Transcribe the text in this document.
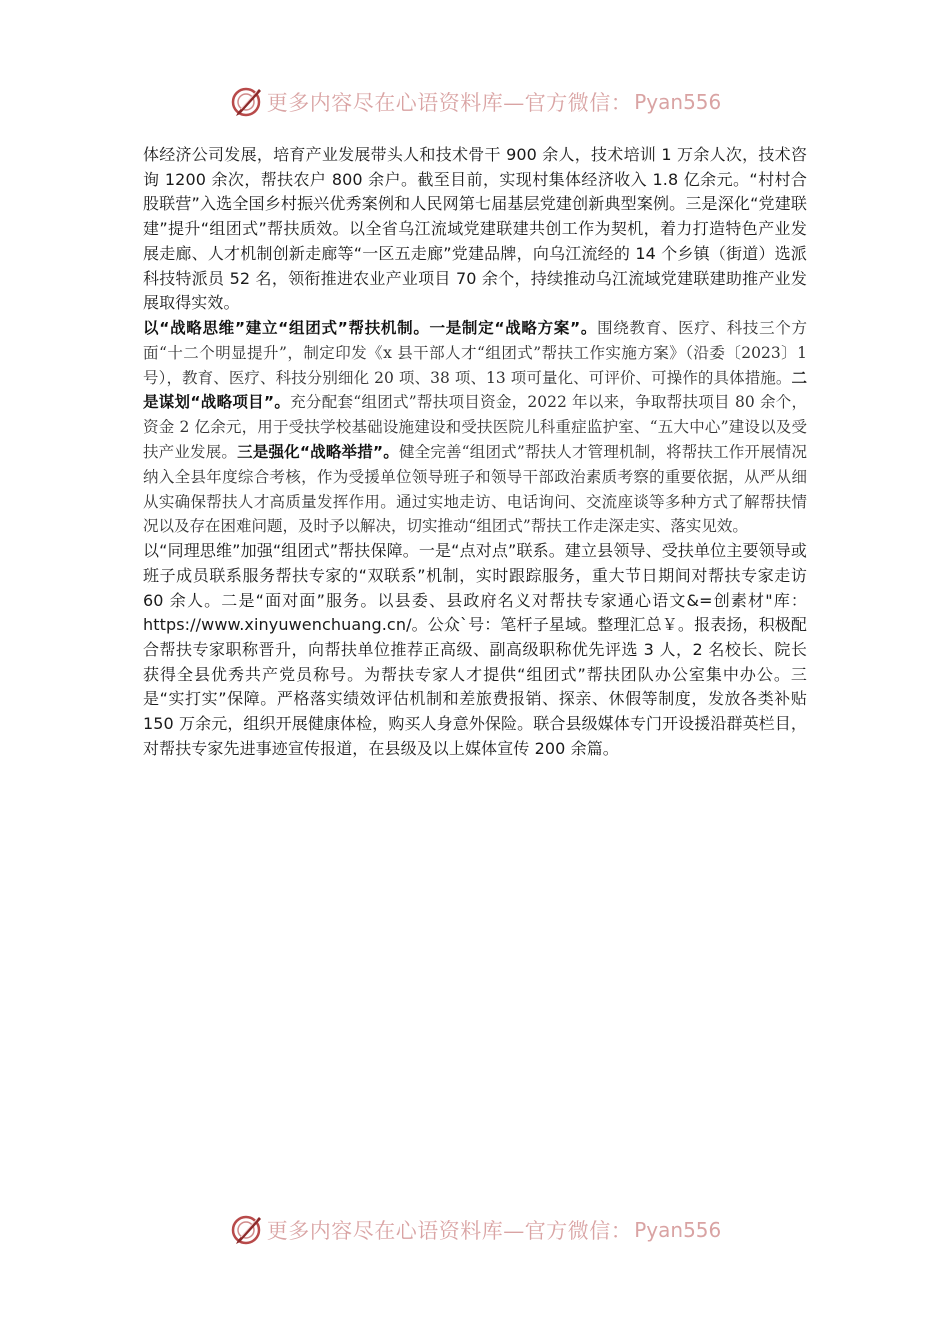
更多内容尽在心语资料库—官方微信： Pyan556

体经济公司发展，培育产业发展带头人和技术骨干 900 余人，技术培训 1 万余人次，技术咨询 1200 余次，帮扶农户 800 余户。截至目前，实现村集体经济收入 1.8 亿余元。“村村合股联营”入选全国乡村振兴优秀案例和人民网第七届基层党建创新典型案例。三是深化“党建联建”提升“组团式”帮扶质效。以全省乌江流域党建联建共创工作为契机，着力打造特色产业发展走廊、人才机制创新走廊等“一区五走廊”党建品牌，向乌江流经的 14 个乡镇（街道）选派科技特派员 52 名，领衔推进农业产业项目 70 余个，持续推动乌江流域党建联建助推产业发展取得实效。

以“战略思维”建立“组团式”帮扶机制。一是制定“战略方案”。围绕教育、医疗、科技三个方面“十二个明显提升”，制定印发《x 县干部人才“组团式”帮扶工作实施方案》（沿委〔2023〕1 号），教育、医疗、科技分别细化 20 项、38 项、13 项可量化、可评价、可操作的具体措施。二是谋划“战略项目”。充分配套“组团式”帮扶项目资金，2022 年以来，争取帮扶项目 80 余个，资金 2 亿余元，用于受扶学校基础设施建设和受扶医院儿科重症监护室、“五大中心”建设以及受扶产业发展。三是强化“战略举措”。健全完善“组团式”帮扶人才管理机制，将帮扶工作开展情况纳入全县年度综合考核，作为受援单位领导班子和领导干部政治素质考察的重要依据，从严从细从实确保帮扶人才高质量发挥作用。通过实地走访、电话询问、交流座谈等多种方式了解帮扶情况以及存在困难问题，及时予以解决，切实推动“组团式”帮扶工作走深走实、落实见效。

以“同理思维”加强“组团式”帮扶保障。一是“点对点”联系。建立县领导、受扶单位主要领导或班子成员联系服务帮扶专家的“双联系”机制，实时跟踪服务，重大节日期间对帮扶专家走访 60 余人。二是“面对面”服务。以县委、县政府名义对帮扶专家通心语文&=创素材"库：https://www.xinyuwenchuang.cn/。公众`号：笔杆子星域。整理汇总￥。报表扬，积极配合帮扶专家职称晋升，向帮扶单位推荐正高级、副高级职称优先评选 3 人，2 名校长、院长获得全县优秀共产党员称号。为帮扶专家人才提供“组团式”帮扶团队办公室集中办公。三是“实打实”保障。严格落实绩效评估机制和差旅费报销、探亲、休假等制度，发放各类补贴 150 万余元，组织开展健康体检，购买人身意外保险。联合县级媒体专门开设援沿群英栏目，对帮扶专家先进事迹宣传报道，在县级及以上媒体宣传 200 余篇。

更多内容尽在心语资料库—官方微信： Pyan556
